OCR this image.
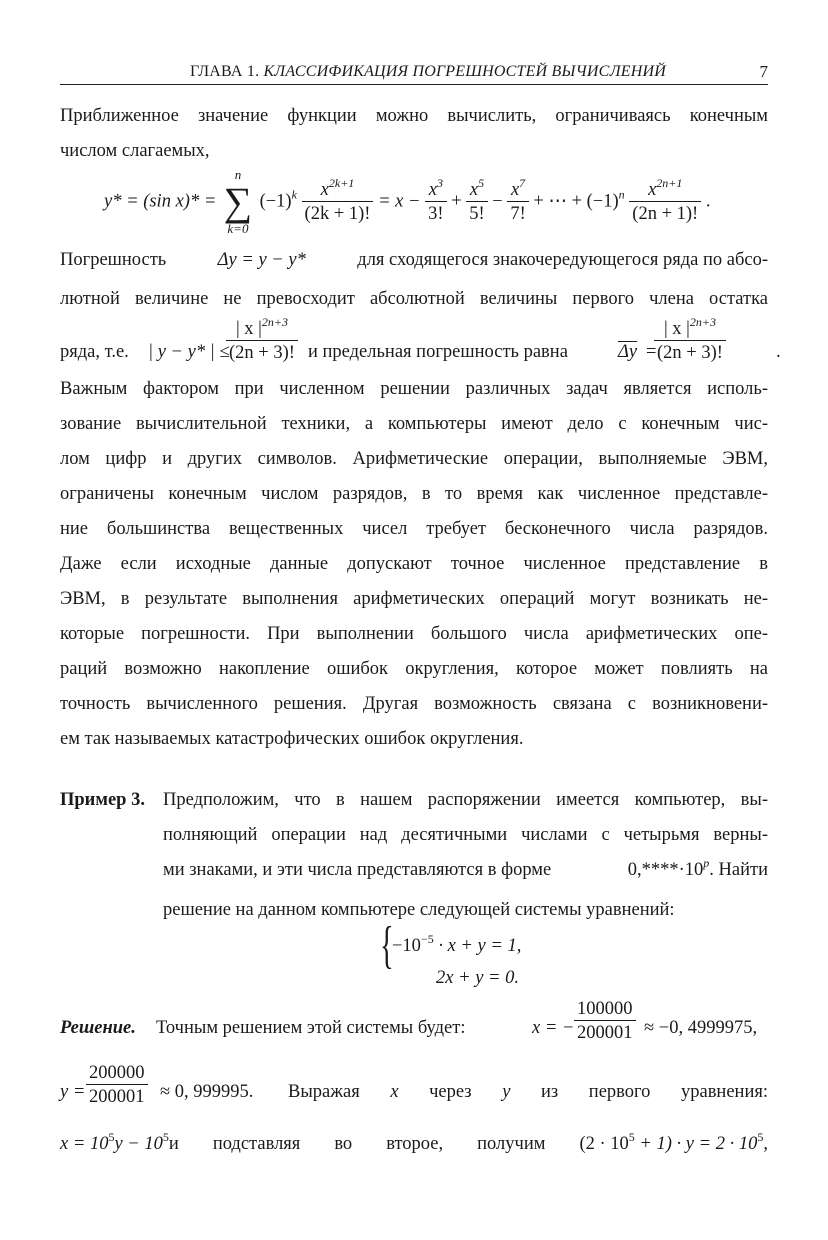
ГЛАВА 1. КЛАССИФИКАЦИЯ ПОГРЕШНОСТЕЙ ВЫЧИСЛЕНИЙ	7
Приближенное значение функции можно вычислить, ограничиваясь конечным
числом слагаемых,
y* = (sin x)* =
n
∑
k=0
$(-1)^k \frac{x^{2k+1}}{(2k + 1)!} = x - \frac{x^3}{3!} + \frac{x^5}{5!} - \frac{x^7}{7!}$ + ⋯ + $(-1)^n \frac{x^{2n+1}}{(2n + 1)!}$ .
Погрешность	Δy = y − y*	для сходящегося знакочередующегося ряда по абсо-
лютной величине не превосходит абсолютной величины первого члена остатка
ряда, т.е. | y − y* | ≤
$\frac{| x |^{2n+3}}{(2n + 3)!}$ и предельная погрешность равна	$\overline{\Delta y}$ =
$\frac{| x |^{2n+3}}{(2n + 3)!}$	.
Важным фактором при численном решении различных задач является исполь-
зование вычислительной техники, а компьютеры имеют дело с конечным чис-
лом цифр и других символов. Арифметические операции, выполняемые ЭВМ,
ограничены конечным числом разрядов, в то время как численное представле-
ние большинства вещественных чисел требует бесконечного числа разрядов.
Даже если исходные данные допускают точное численное представление в
ЭВМ, в результате выполнения арифметических операций могут возникать не-
которые погрешности. При выполнении большого числа арифметических опе-
раций возможно накопление ошибок округления, которое может повлиять на
точность вычисленного решения. Другая возможность связана с возникновени-
ем так называемых катастрофических ошибок округления.
Пример 3. Предположим, что в нашем распоряжении имеется компьютер, вы-
полняющий операции над десятичными числами с четырьмя верны-
ми знаками, и эти числа представляются в форме	$0,****\cdot 10^p$. Найти
решение на данном компьютере следующей системы уравнений:
{
$-10^{-5} \cdot x + y = 1$,
2x + y = 0.
Решение. Точным решением этой системы будет:	x = − $\frac{100000}{200001} \approx -0$, 4999975,
$y = \frac{200000}{200001} \approx 0$, 999995. Выражая x через y из первого уравнения:
$x = 10^5y - 10^5и$ подставляя во второе, получим $(2 \cdot 10^5 + 1) \cdot y = 2 \cdot 10^5$,
